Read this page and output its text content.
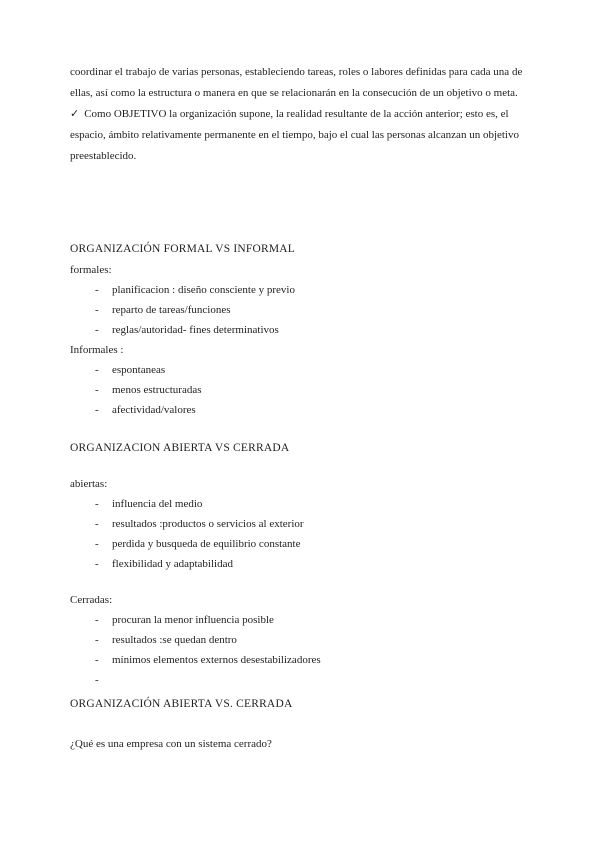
coordinar el trabajo de varias personas, estableciendo tareas, roles o labores definidas para cada una de ellas, así como la estructura o manera en que se relacionarán en la consecución de un objetivo o meta.

✓ Como OBJETIVO la organización supone, la realidad resultante de la acción anterior; esto es, el espacio, ámbito relativamente permanente en el tiempo, bajo el cual las personas alcanzan un objetivo preestablecido.

ORGANIZACIÓN FORMAL VS INFORMAL

formales:

-	planificacion : diseño consciente y previo
-	reparto de tareas/funciones
-	reglas/autoridad- fines determinativos

Informales :

-	espontaneas
-	menos estructuradas
-	afectividad/valores

ORGANIZACION ABIERTA VS CERRADA

abiertas:

-	influencia del medio
-	resultados :productos o servicios al exterior
-	perdida y busqueda de equilibrio constante
-	flexibilidad y adaptabilidad

Cerradas:

-	procuran la menor influencia posible
-	resultados :se quedan dentro
-	mínimos elementos externos desestabilizadores
-

ORGANIZACIÓN ABIERTA VS. CERRADA

¿Qué es una empresa con un sistema cerrado?
